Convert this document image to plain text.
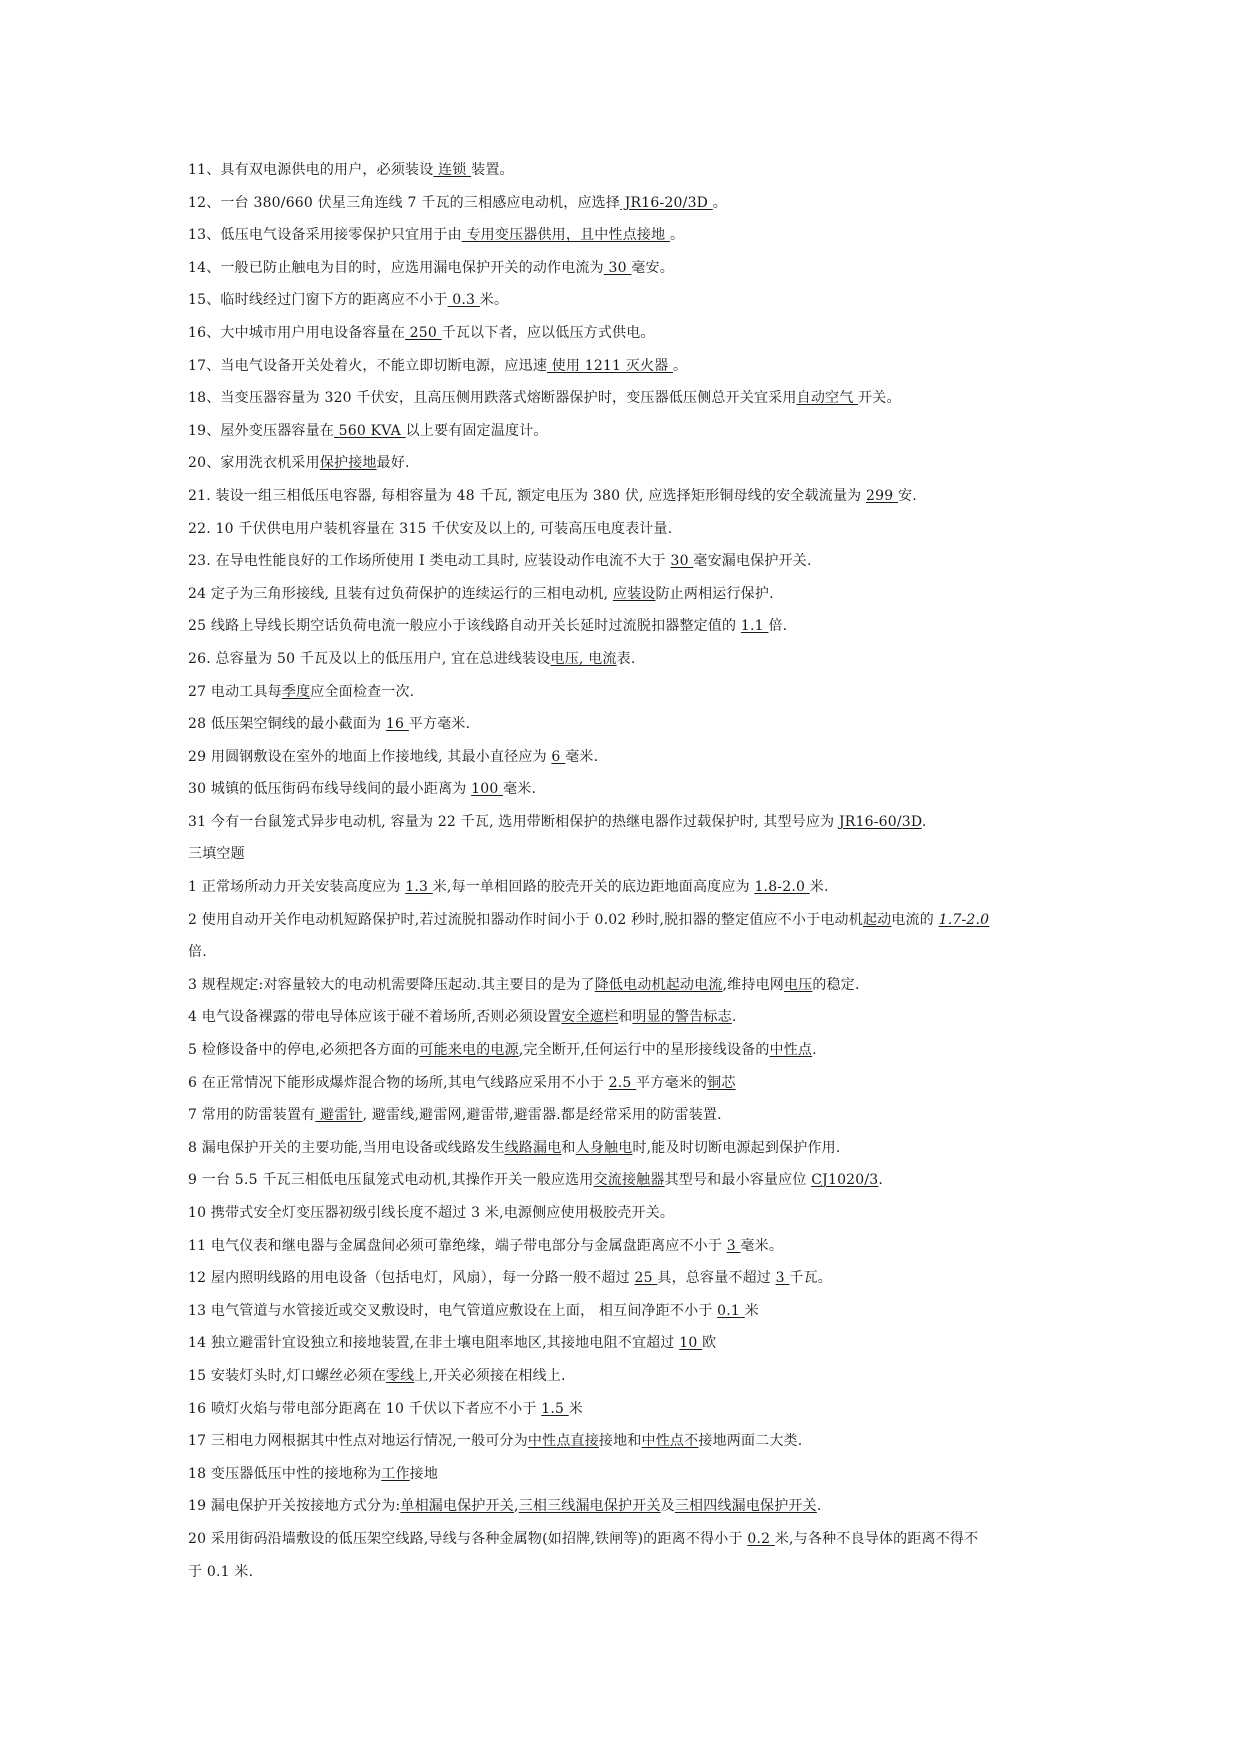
11、具有双电源供电的用户，必须装设 连锁 装置。
12、一台 380/660 伏星三角连线 7 千瓦的三相感应电动机，应选择 JR16-20/3D 。
13、低压电气设备采用接零保护只宜用于由 专用变压器供用，且中性点接地 。
14、一般已防止触电为目的时，应选用漏电保护开关的动作电流为 30 毫安。
15、临时线经过门窗下方的距离应不小于 0.3 米。
16、大中城市用户用电设备容量在 250 千瓦以下者，应以低压方式供电。
17、当电气设备开关处着火，不能立即切断电源，应迅速 使用 1211 灭火器 。
18、当变压器容量为 320 千伏安，且高压侧用跌落式熔断器保护时，变压器低压侧总开关宜采用自动空气 开关。
19、屋外变压器容量在 560 KVA 以上要有固定温度计。
20、家用洗衣机采用保护接地最好.
21. 装设一组三相低压电容器, 每相容量为 48 千瓦, 额定电压为 380 伏, 应选择矩形铜母线的安全载流量为 299 安.
22. 10 千伏供电用户装机容量在 315 千伏安及以上的, 可装高压电度表计量.
23. 在导电性能良好的工作场所使用 I 类电动工具时, 应装设动作电流不大于 30 毫安漏电保护开关.
24 定子为三角形接线, 且装有过负荷保护的连续运行的三相电动机, 应装设防止两相运行保护.
25 线路上导线长期空话负荷电流一般应小于该线路自动开关长延时过流脱扣器整定值的 1.1 倍.
26. 总容量为 50 千瓦及以上的低压用户, 宜在总进线装设电压, 电流表.
27 电动工具每季度应全面检查一次.
28 低压架空铜线的最小截面为 16 平方毫米.
29 用圆钢敷设在室外的地面上作接地线, 其最小直径应为 6 毫米.
30 城镇的低压街码布线导线间的最小距离为 100 毫米.
31 今有一台鼠笼式异步电动机, 容量为 22 千瓦, 选用带断相保护的热继电器作过载保护时, 其型号应为 JR16-60/3D.
三填空题
1 正常场所动力开关安装高度应为 1.3 米,每一单相回路的胶壳开关的底边距地面高度应为 1.8-2.0 米.
2 使用自动开关作电动机短路保护时,若过流脱扣器动作时间小于 0.02 秒时,脱扣器的整定值应不小于电动机起动电流的 1.7-2.0
倍.
3 规程规定:对容量较大的电动机需要降压起动.其主要目的是为了降低电动机起动电流,维持电网电压的稳定.
4 电气设备裸露的带电导体应该于碰不着场所,否则必须设置安全遮栏和明显的警告标志.
5 检修设备中的停电,必须把各方面的可能来电的电源,完全断开,任何运行中的星形接线设备的中性点.
6 在正常情况下能形成爆炸混合物的场所,其电气线路应采用不小于 2.5 平方毫米的铜芯
7 常用的防雷装置有 避雷针, 避雷线,避雷网,避雷带,避雷器.都是经常采用的防雷装置.
8 漏电保护开关的主要功能,当用电设备或线路发生线路漏电和人身触电时,能及时切断电源起到保护作用.
9 一台 5.5 千瓦三相低电压鼠笼式电动机,其操作开关一般应选用交流接触器其型号和最小容量应位 CJ1020/3.
10 携带式安全灯变压器初级引线长度不超过 3 米,电源侧应使用极胶壳开关。
11 电气仪表和继电器与金属盘间必须可靠绝缘，端子带电部分与金属盘距离应不小于 3 毫米。
12 屋内照明线路的用电设备（包括电灯，风扇），每一分路一般不超过 25 具，总容量不超过 3 千瓦。
13 电气管道与水管接近或交叉敷设时，电气管道应敷设在上面， 相互间净距不小于 0.1 米
14 独立避雷针宜设独立和接地装置,在非土壤电阻率地区,其接地电阻不宜超过 10 欧
15 安装灯头时,灯口螺丝必须在零线上,开关必须接在相线上.
16 喷灯火焰与带电部分距离在 10 千伏以下者应不小于 1.5 米
17 三相电力网根据其中性点对地运行情况,一般可分为中性点直接接地和中性点不接地两面二大类.
18 变压器低压中性的接地称为工作接地
19 漏电保护开关按接地方式分为:单相漏电保护开关,三相三线漏电保护开关及三相四线漏电保护开关.
20 采用街码沿墙敷设的低压架空线路,导线与各种金属物(如招牌,铁闸等)的距离不得小于 0.2 米,与各种不良导体的距离不得不
于 0.1 米.
